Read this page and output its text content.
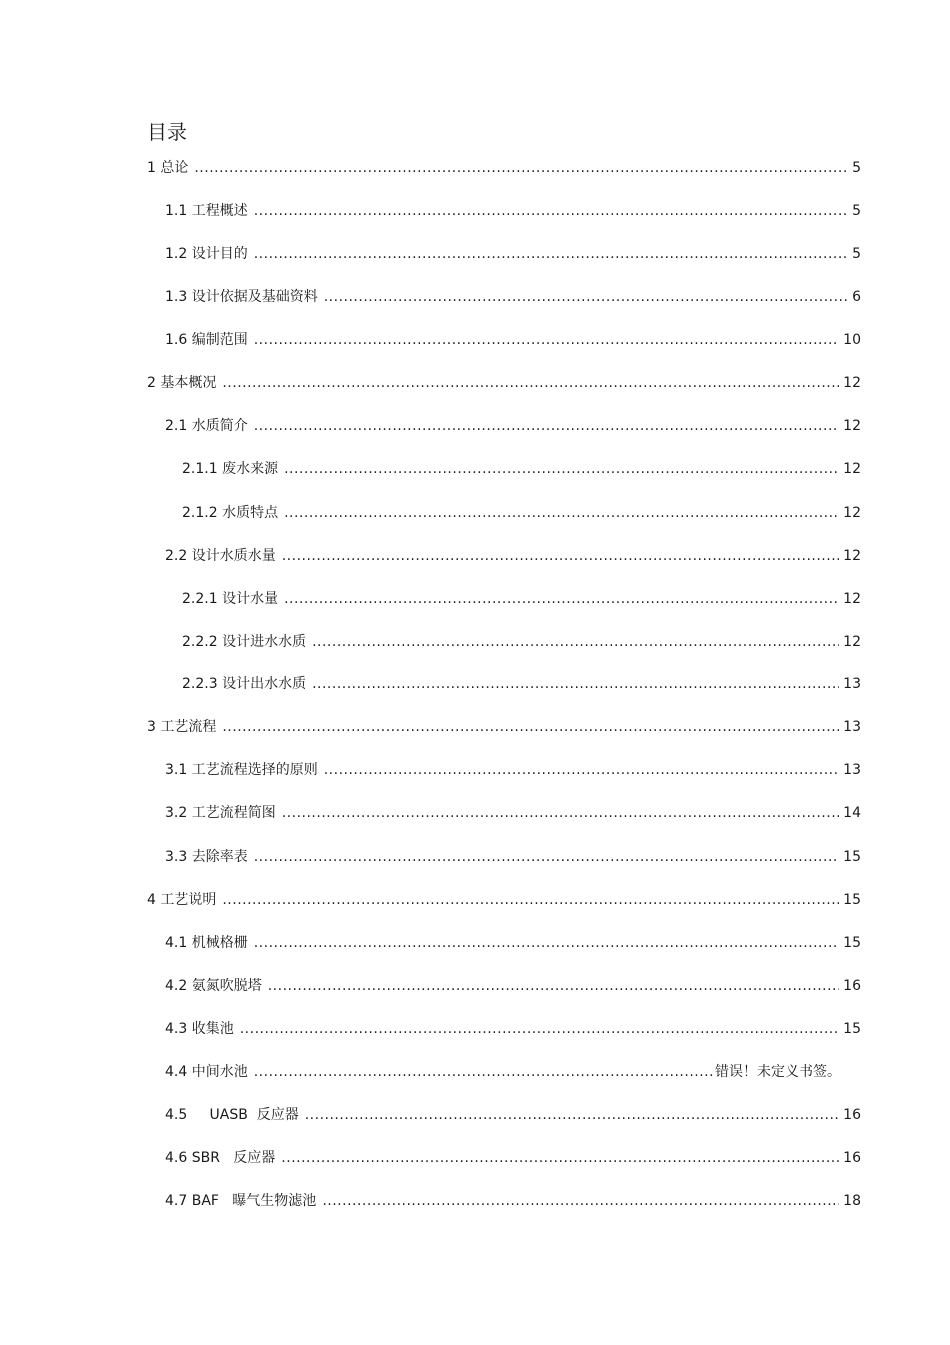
目录
1 总论 .....	5
1.1 工程概述 .....	5
1.2 设计目的 .....	5
1.3 设计依据及基础资料 .....	6
1.6 编制范围 .....	10
2 基本概况 .....	12
2.1 水质简介 .....	12
2.1.1 废水来源 .....	12
2.1.2 水质特点 .....	12
2.2 设计水质水量 .....	12
2.2.1 设计水量 .....	12
2.2.2 设计进水水质 .....	12
2.2.3 设计出水水质 .....	13
3 工艺流程 .....	13
3.1 工艺流程选择的原则 .....	13
3.2 工艺流程简图 .....	14
3.3 去除率表 .....	15
4 工艺说明 .....	15
4.1 机械格栅 .....	15
4.2 氨氮吹脱塔 .....	16
4.3 收集池 .....	15
4.4 中间水池 .....	错误！未定义书签。
4.5     UASB  反应器 .....	16
4.6 SBR   反应器 .....	16
4.7 BAF   曝气生物滤池 .....	18
